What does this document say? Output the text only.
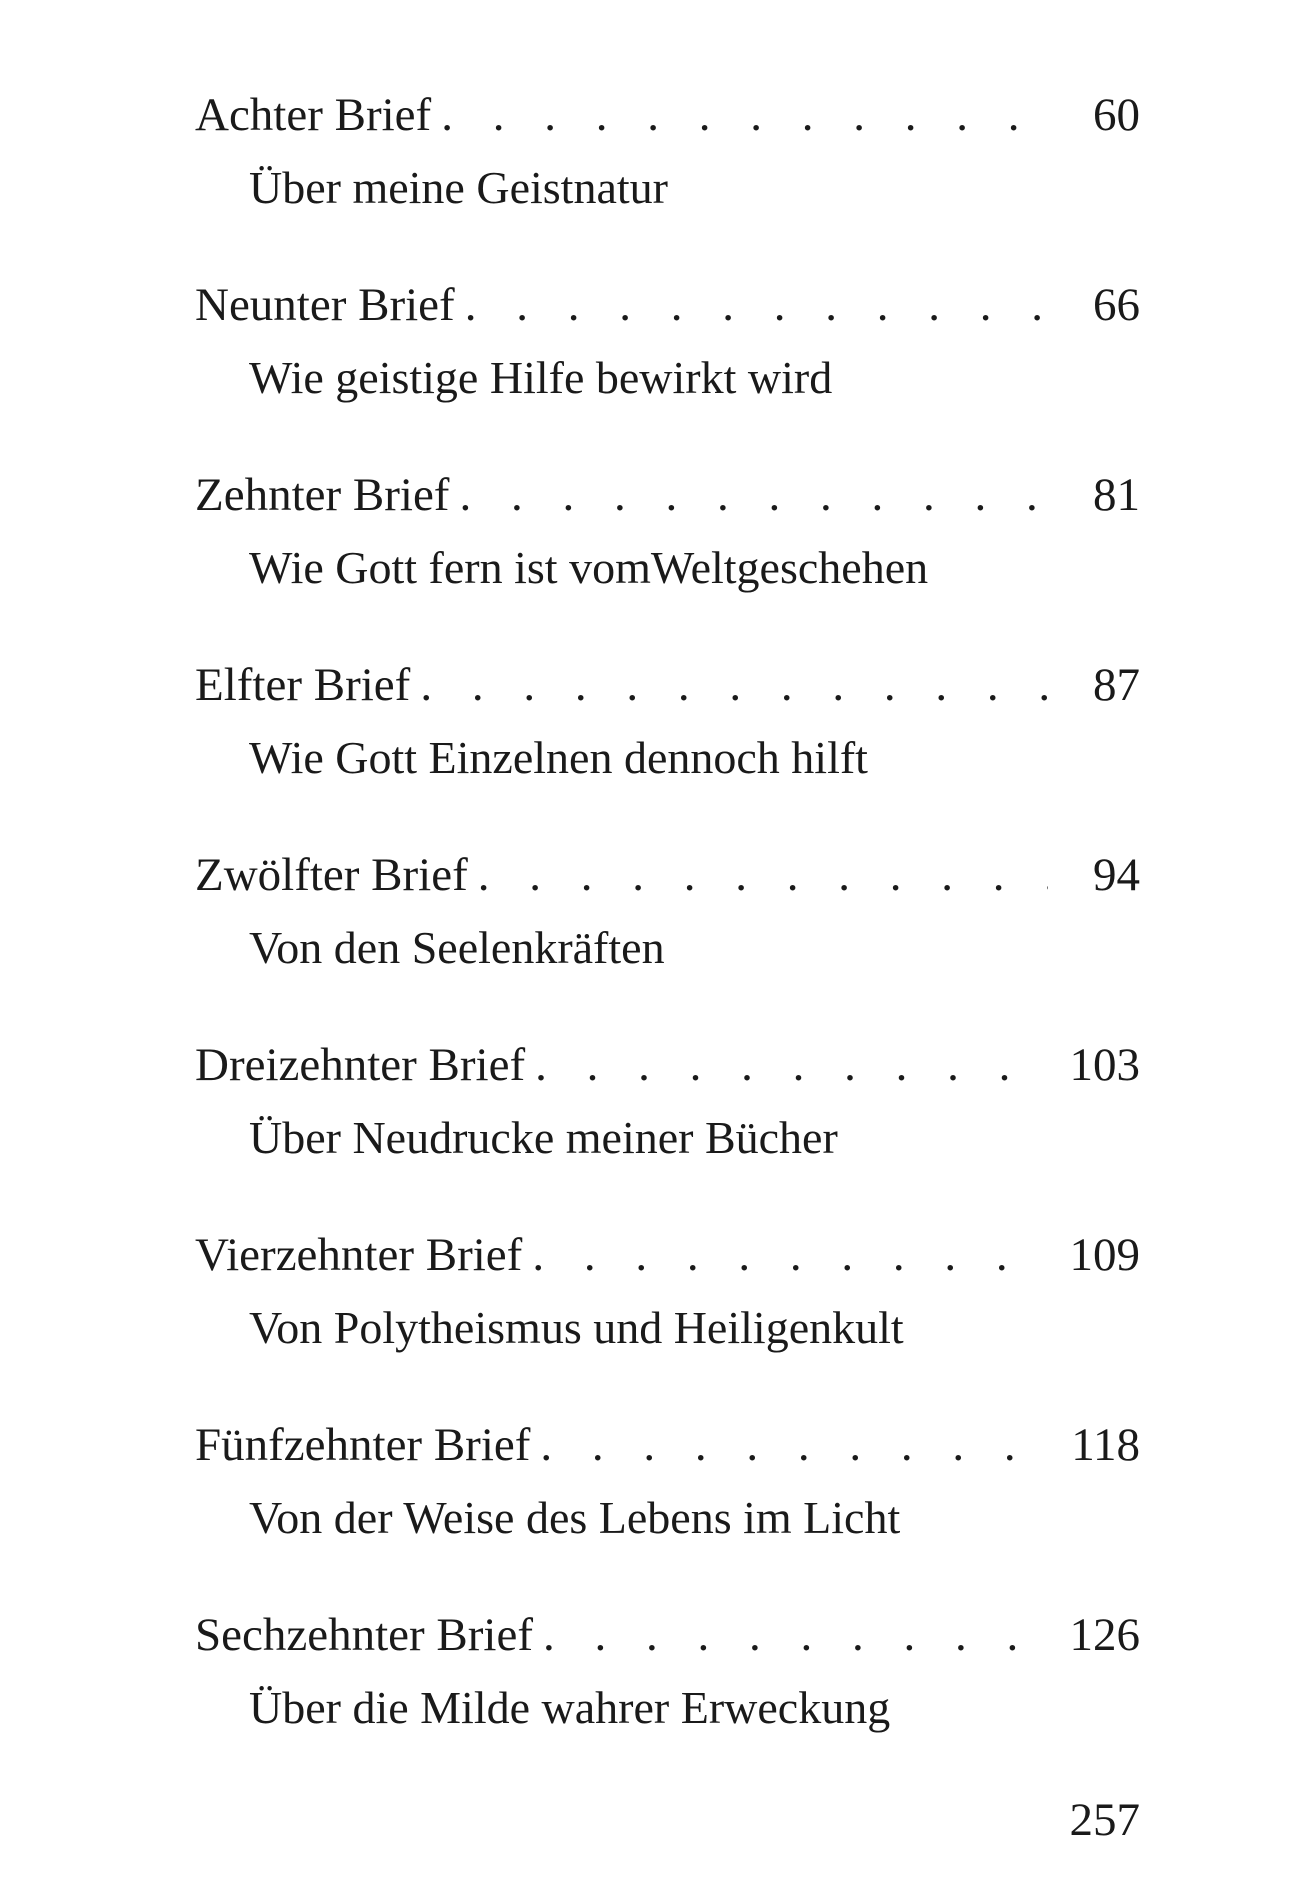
Achter Brief . . .	60
Über meine Geistnatur
Neunter Brief . . .	66
Wie geistige Hilfe bewirkt wird
Zehnter Brief . . .	81
Wie Gott fern ist vomWeltgeschehen
Elfter Brief . . .	87
Wie Gott Einzelnen dennoch hilft
Zwölfter Brief . . .	94
Von den Seelenkräften
Dreizehnter Brief . . .	103
Über Neudrucke meiner Bücher
Vierzehnter Brief . . .	109
Von Polytheismus und Heiligenkult
Fünfzehnter Brief . . .	118
Von der Weise des Lebens im Licht
Sechzehnter Brief . . .	126
Über die Milde wahrer Erweckung
257
